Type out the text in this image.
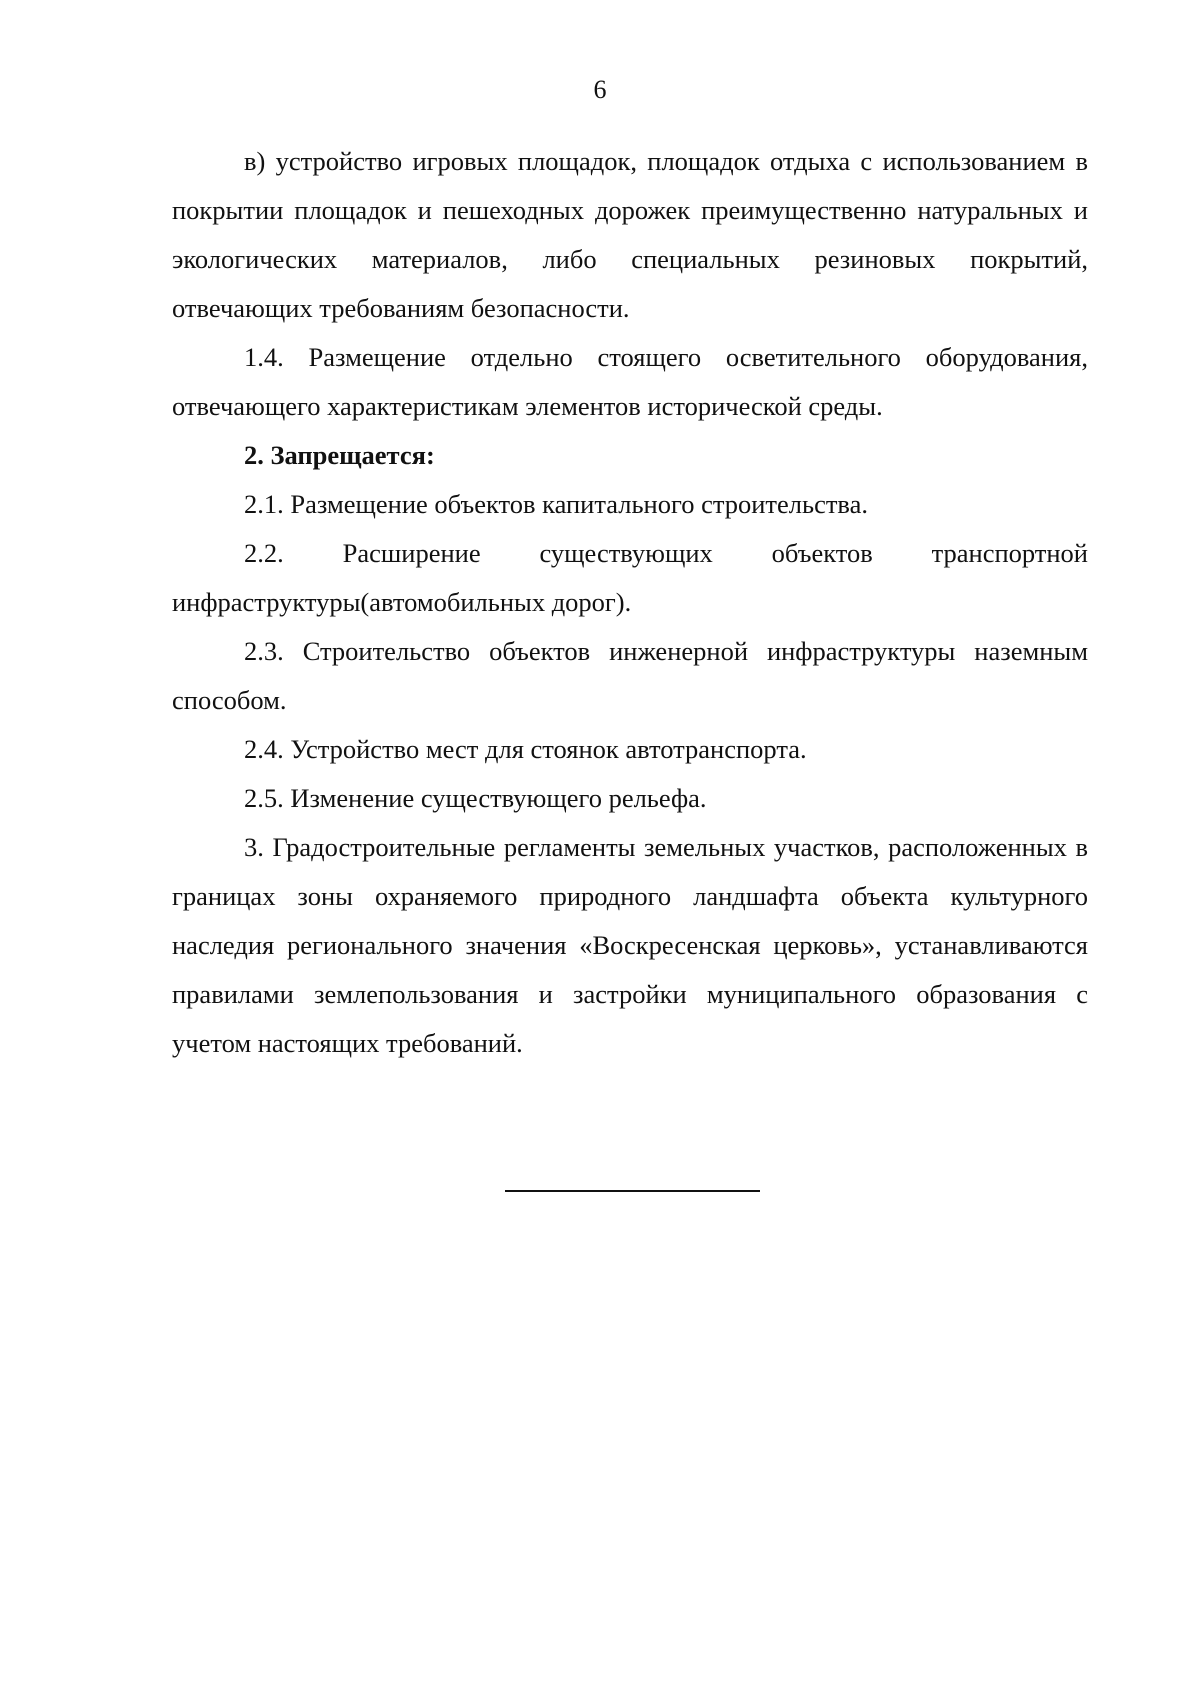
6

в) устройство игровых площадок, площадок отдыха с использованием в покрытии площадок и пешеходных дорожек преимущественно натуральных и экологических материалов, либо специальных резиновых покрытий, отвечающих требованиям безопасности.

1.4. Размещение отдельно стоящего осветительного оборудования, отвечающего характеристикам элементов исторической среды.

2. Запрещается:

2.1. Размещение объектов капитального строительства.

2.2. Расширение существующих объектов транспортной инфраструктуры(автомобильных дорог).

2.3. Строительство объектов инженерной инфраструктуры наземным способом.

2.4. Устройство мест для стоянок автотранспорта.

2.5. Изменение существующего рельефа.

3. Градостроительные регламенты земельных участков, расположенных в границах зоны охраняемого природного ландшафта объекта культурного наследия регионального значения «Воскресенская церковь», устанавливаются правилами землепользования и застройки муниципального образования с учетом настоящих требований.
